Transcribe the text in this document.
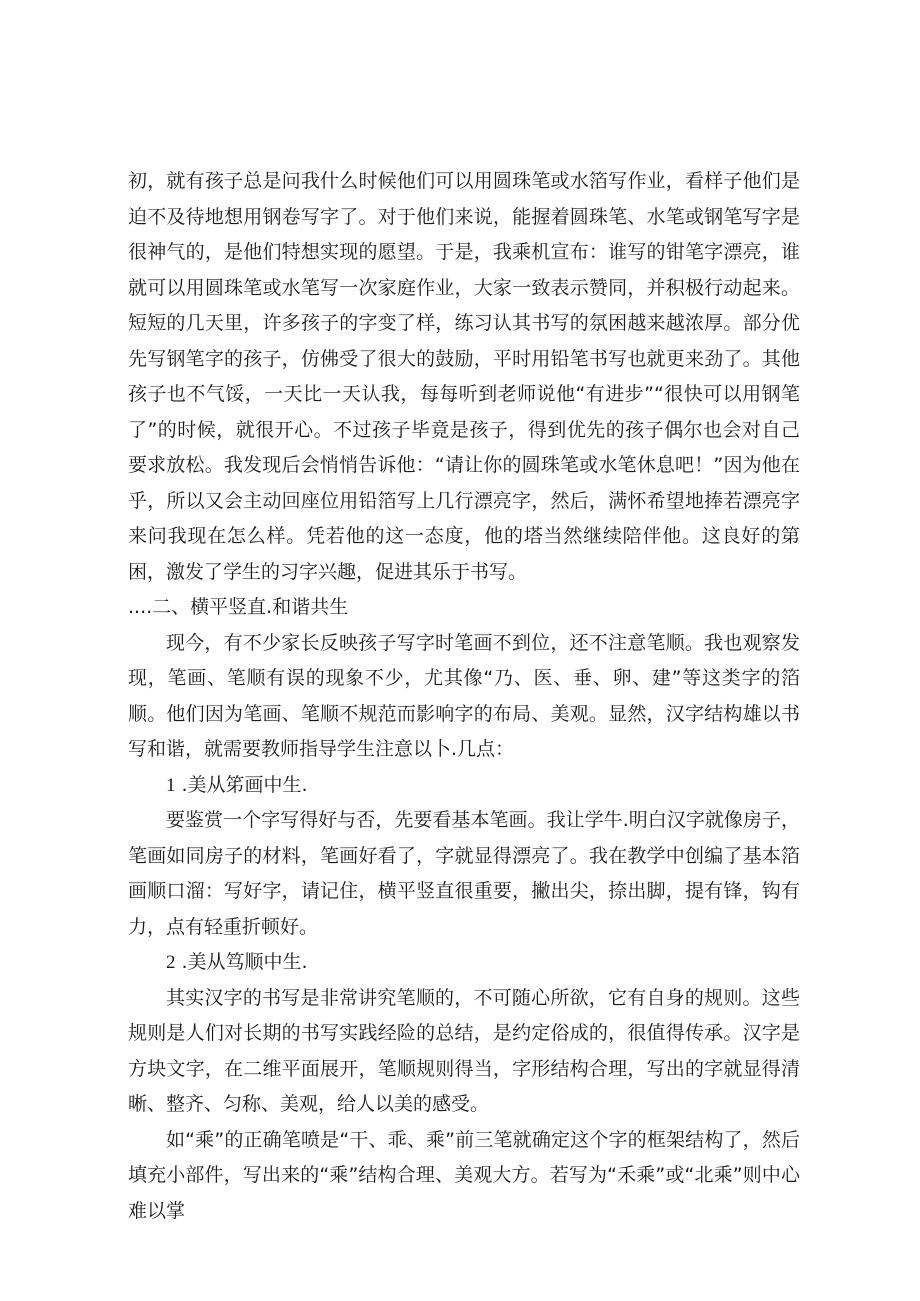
初，就有孩子总是问我什么时候他们可以用圆珠笔或水箔写作业，看样子他们是迫不及待地想用钢卷写字了。对于他们来说，能握着圆珠笔、水笔或钢笔写字是很神气的，是他们特想实现的愿望。于是，我乘机宣布：谁写的钳笔字漂亮，谁就可以用圆珠笔或水笔写一次家庭作业，大家一致表示赞同，并积极行动起来。短短的几天里，许多孩子的字变了样，练习认其书写的氛困越来越浓厚。部分优先写钢笔字的孩子，仿佛受了很大的鼓励，平时用铅笔书写也就更来劲了。其他孩子也不气馁，一天比一天认我，每每听到老师说他“有进步”“很快可以用钢笔了”的时候，就很开心。不过孩子毕竟是孩子，得到优先的孩子偶尔也会对自己要求放松。我发现后会悄悄告诉他：“请让你的圆珠笔或水笔休息吧！”因为他在乎，所以又会主动回座位用铅箔写上几行漂亮字，然后，满怀希望地捧若漂亮字来问我现在怎么样。凭若他的这一态度，他的塔当然继续陪伴他。这良好的第困，激发了学生的习字兴趣，促进其乐于书写。

....二、横平竖直.和谐共生

现今，有不少家长反映孩子写字时笔画不到位，还不注意笔顺。我也观察发现，笔画、笔顺有误的现象不少，尤其像“乃、医、垂、卵、建”等这类字的箔顺。他们因为笔画、笔顺不规范而影响字的布局、美观。显然，汉字结构雄以书写和谐，就需要教师指导学生注意以卜.几点：

1 .美从笫画中生.

要鉴赏一个字写得好与否，先要看基本笔画。我让学牛.明白汉字就像房子，笔画如同房子的材料，笔画好看了，字就显得漂亮了。我在教学中创编了基本箔画顺口溜：写好字，请记住，横平竖直很重要，撇出尖，捺出脚，提有锋，钩有力，点有轻重折顿好。

2 .美从笃顺中生.

其实汉字的书写是非常讲究笔顺的，不可随心所欲，它有自身的规则。这些规则是人们对长期的书写实践经险的总结，是约定俗成的，很值得传承。汉字是方块文字，在二维平面展开，笔顺规则得当，字形结构合理，写出的字就显得清晰、整齐、匀称、美观，给人以美的感受。

如“乘”的正确笔喷是“干、乖、乘”前三笔就确定这个字的框架结构了，然后填充小部件，写出来的“乘”结构合理、美观大方。若写为“禾乘”或“北乘”则中心难以掌
